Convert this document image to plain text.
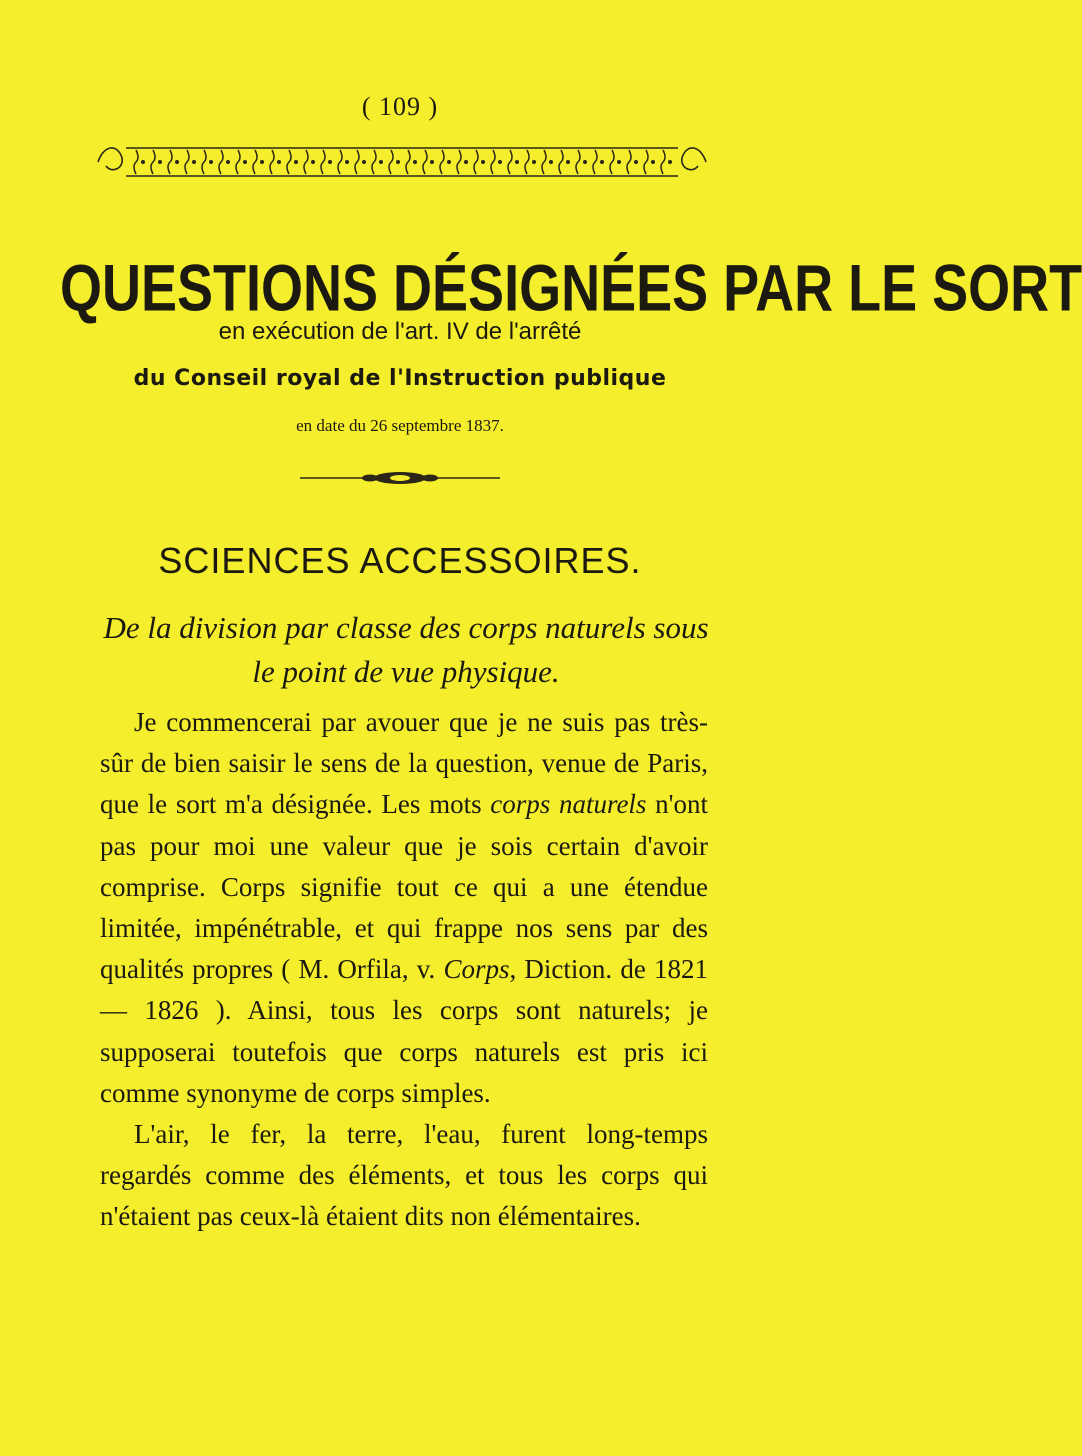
( 109 )
QUESTIONS DÉSIGNÉES PAR LE SORT
en exécution de l'art. IV de l'arrêté
du Conseil royal de l'Instruction publique
en date du 26 septembre 1837.
SCIENCES ACCESSOIRES.
De la division par classe des corps naturels sous
le point de vue physique.

Je commencerai par avouer que je ne suis pas très-sûr de bien saisir le sens de la question, venue de Paris, que le sort m'a désignée. Les mots corps naturels n'ont pas pour moi une valeur que je sois certain d'avoir comprise. Corps signifie tout ce qui a une étendue limitée, impénétrable, et qui frappe nos sens par des qualités propres ( M. Orfila, v. Corps, Diction. de 1821 — 1826 ). Ainsi, tous les corps sont naturels; je supposerai toutefois que corps naturels est pris ici comme synonyme de corps simples.

L'air, le fer, la terre, l'eau, furent long-temps regardés comme des éléments, et tous les corps qui n'étaient pas ceux-là étaient dits non élémentaires.
